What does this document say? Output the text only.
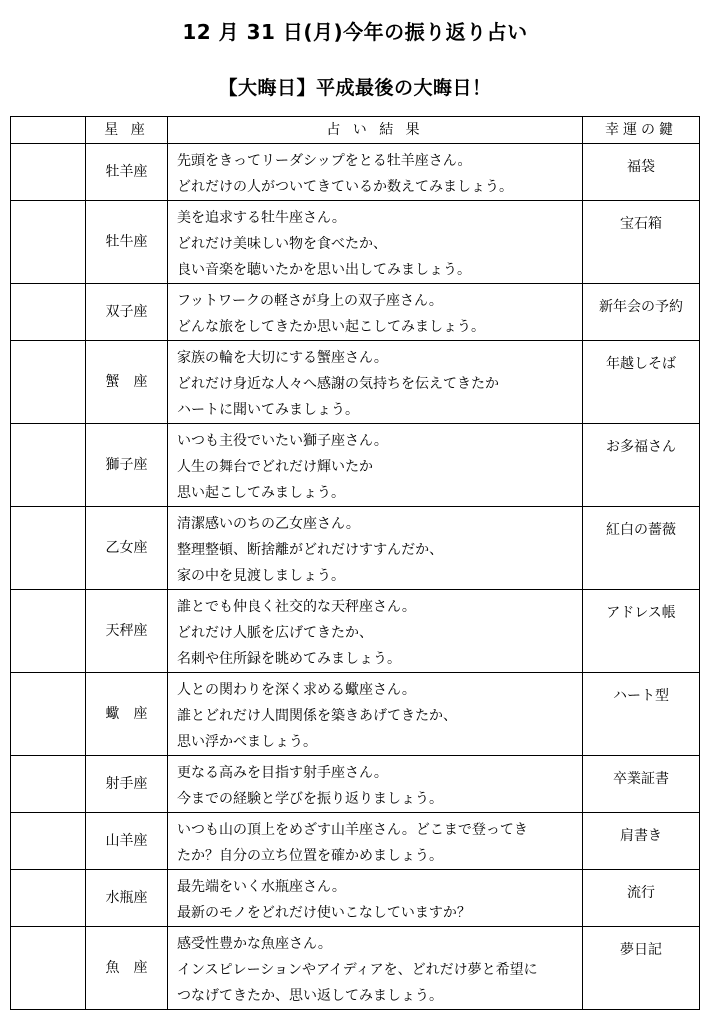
12 月 31 日(月)今年の振り返り占い
【大晦日】平成最後の大晦日！
	星 座	占 い 結 果	幸運の鍵
	牡羊座	先頭をきってリーダシップをとる牡羊座さん。
どれだけの人がついてきているか数えてみましょう。	福袋
	牡牛座	美を追求する牡牛座さん。
どれだけ美味しい物を食べたか、
良い音楽を聴いたかを思い出してみましょう。	宝石箱
	双子座	フットワークの軽さが身上の双子座さん。
どんな旅をしてきたか思い起こしてみましょう。	新年会の予約
	蟹　座	家族の輪を大切にする蟹座さん。
どれだけ身近な人々へ感謝の気持ちを伝えてきたか
ハートに聞いてみましょう。	年越しそば
	獅子座	いつも主役でいたい獅子座さん。
人生の舞台でどれだけ輝いたか
思い起こしてみましょう。	お多福さん
	乙女座	清潔感いのちの乙女座さん。
整理整頓、断捨離がどれだけすすんだか、
家の中を見渡しましょう。	紅白の薔薇
	天秤座	誰とでも仲良く社交的な天秤座さん。
どれだけ人脈を広げてきたか、
名刺や住所録を眺めてみましょう。	アドレス帳
	蠍　座	人との関わりを深く求める蠍座さん。
誰とどれだけ人間関係を築きあげてきたか、
思い浮かべましょう。	ハート型
	射手座	更なる高みを目指す射手座さん。
今までの経験と学びを振り返りましょう。	卒業証書
	山羊座	いつも山の頂上をめざす山羊座さん。どこまで登ってき
たか？自分の立ち位置を確かめましょう。	肩書き
	水瓶座	最先端をいく水瓶座さん。
最新のモノをどれだけ使いこなしていますか？	流行
	魚　座	感受性豊かな魚座さん。
インスピレーションやアイディアを、どれだけ夢と希望に
つなげてきたか、思い返してみましょう。	夢日記
